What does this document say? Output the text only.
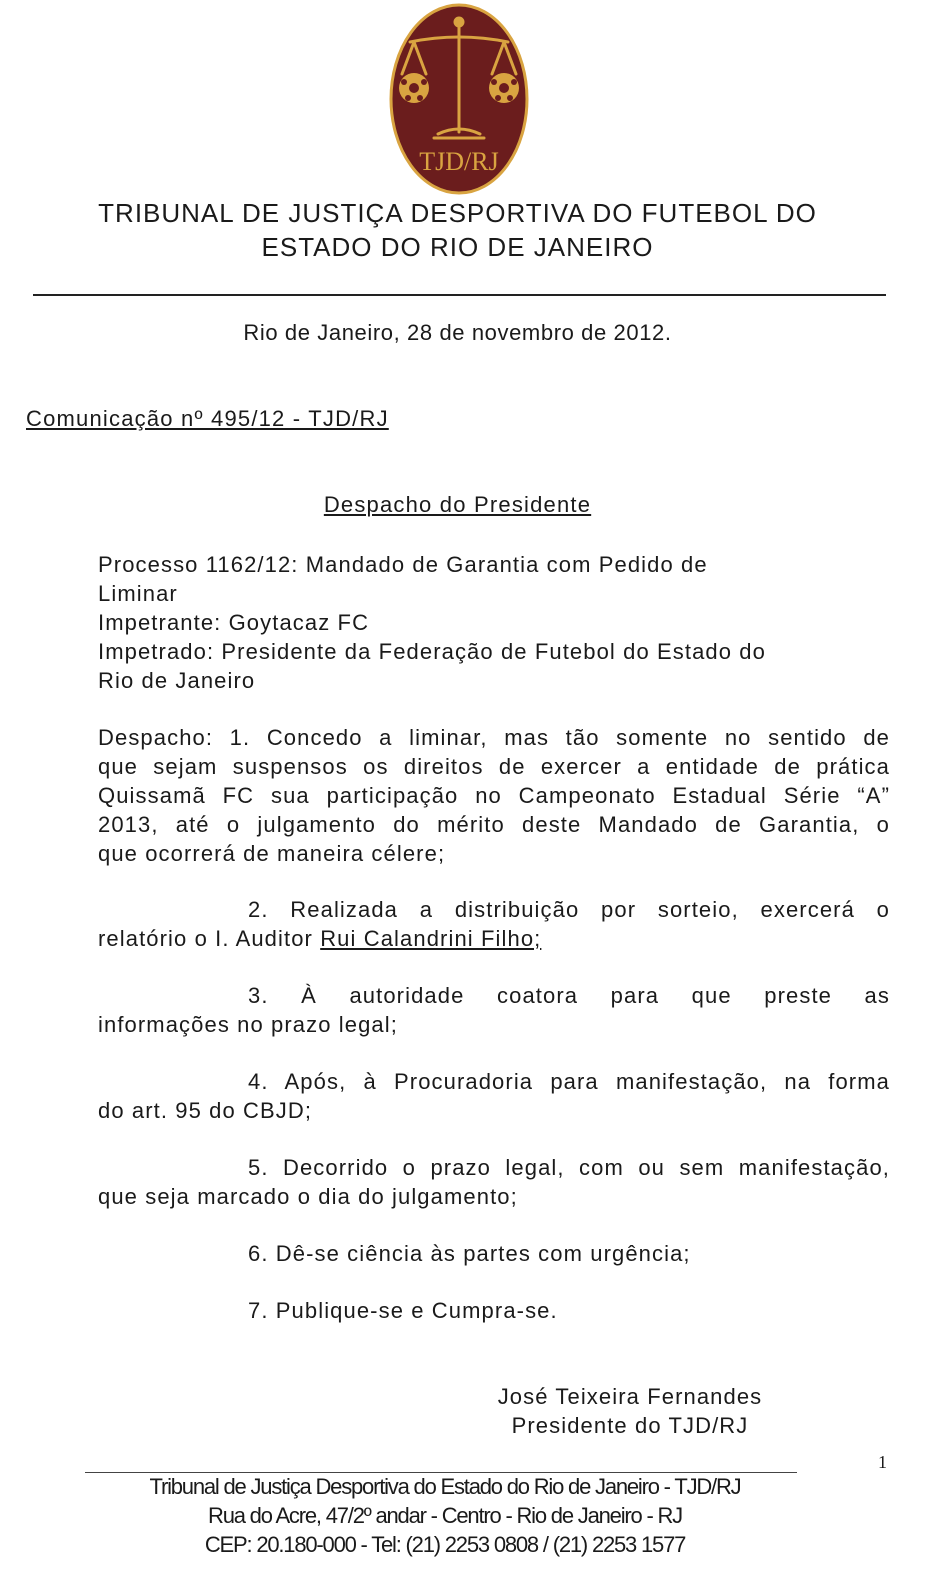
TJD/RJ
TRIBUNAL DE JUSTIÇA DESPORTIVA DO FUTEBOL DO
ESTADO DO RIO DE JANEIRO
Rio de Janeiro, 28 de novembro de 2012.
Comunicação nº 495/12 - TJD/RJ
Despacho do Presidente
Processo 1162/12: Mandado de Garantia com Pedido de
Liminar
Impetrante: Goytacaz FC
Impetrado: Presidente da Federação de Futebol do Estado do
Rio de Janeiro
Despacho: 1. Concedo a liminar, mas tão somente no sentido de
que sejam suspensos os direitos de exercer a entidade de prática
Quissamã FC sua participação no Campeonato Estadual Série “A”
2013, até o julgamento do mérito deste Mandado de Garantia, o
que ocorrerá de maneira célere;
2. Realizada a distribuição por sorteio, exercerá o
relatório o I. Auditor Rui Calandrini Filho;
3. À autoridade coatora para que preste as
informações no prazo legal;
4. Após, à Procuradoria para manifestação, na forma
do art. 95 do CBJD;
5. Decorrido o prazo legal, com ou sem manifestação,
que seja marcado o dia do julgamento;
6. Dê-se ciência às partes com urgência;
7. Publique-se e Cumpra-se.
José Teixeira Fernandes
Presidente do TJD/RJ
1
Tribunal de Justiça Desportiva do Estado do Rio de Janeiro - TJD/RJ
Rua do Acre, 47/2º andar - Centro - Rio de Janeiro - RJ
CEP: 20.180-000 - Tel: (21) 2253 0808 / (21) 2253 1577
